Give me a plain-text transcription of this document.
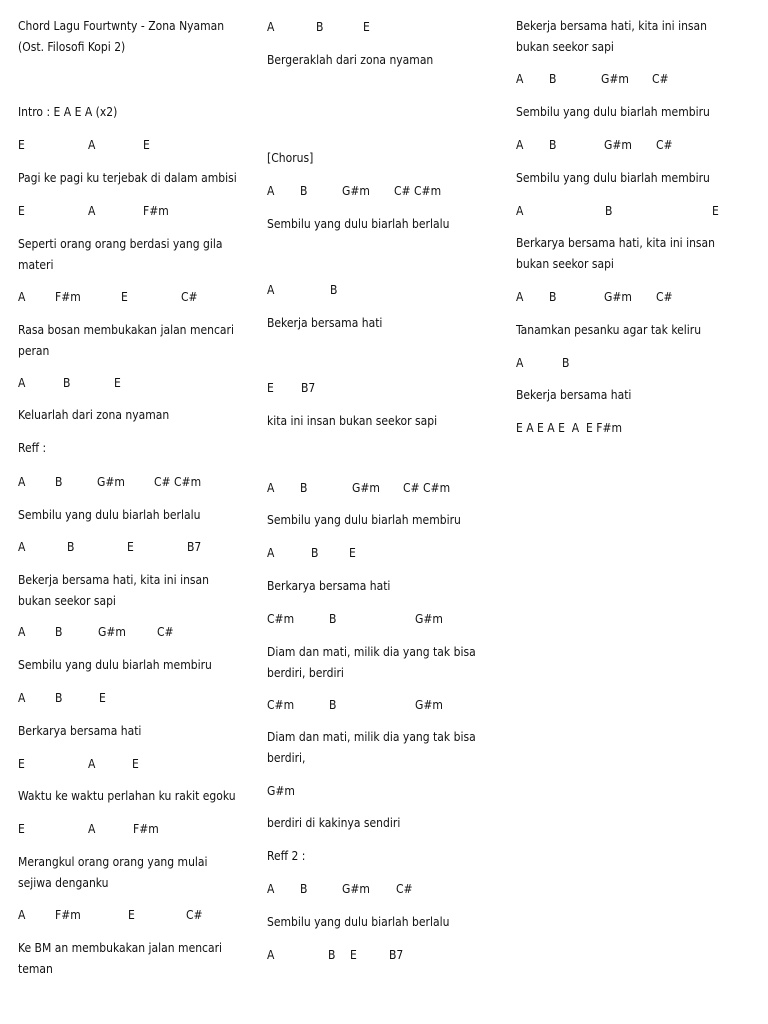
Chord Lagu Fourtwnty - Zona Nyaman
(Ost. Filosofi Kopi 2)
Intro : E A E A (x2)
E	A	E
Pagi ke pagi ku terjebak di dalam ambisi
E	A	F#m
Seperti orang orang berdasi yang gila
materi
A F#m	E	C#
Rasa bosan membukakan jalan mencari
peran
A	B	E
Keluarlah dari zona nyaman
Reff :
A B	G#m C# C#m
Sembilu yang dulu biarlah berlalu
A	B	E	B7
Bekerja bersama hati, kita ini insan
bukan seekor sapi
A B	G#m	C#
Sembilu yang dulu biarlah membiru
A B	E
Berkarya bersama hati
E	A	E
Waktu ke waktu perlahan ku rakit egoku
E	A	F#m
Merangkul orang orang yang mulai
sejiwa denganku
A F#m	E	C#
Ke BM an membukakan jalan mencari
teman
A	B	E
Bergeraklah dari zona nyaman
[Chorus]
A B	G#m C# C#m
Sembilu yang dulu biarlah berlalu
A	B
Bekerja bersama hati
E B7
kita ini insan bukan seekor sapi
A B	G#m C# C#m
Sembilu yang dulu biarlah membiru
A	B	E
Berkarya bersama hati
C#m	B	G#m
Diam dan mati, milik dia yang tak bisa
berdiri, berdiri
C#m	B	G#m
Diam dan mati, milik dia yang tak bisa
berdiri,
G#m
berdiri di kakinya sendiri
Reff 2 :
A B	G#m C#
Sembilu yang dulu biarlah berlalu
A	B E	B7
Bekerja bersama hati, kita ini insan
bukan seekor sapi
A B	G#m C#
Sembilu yang dulu biarlah membiru
A B	G#m C#
Sembilu yang dulu biarlah membiru
A	B	E
Berkarya bersama hati, kita ini insan
bukan seekor sapi
A B	G#m C#
Tanamkan pesanku agar tak keliru
A	B
Bekerja bersama hati
E A E A E  A  E F#m
